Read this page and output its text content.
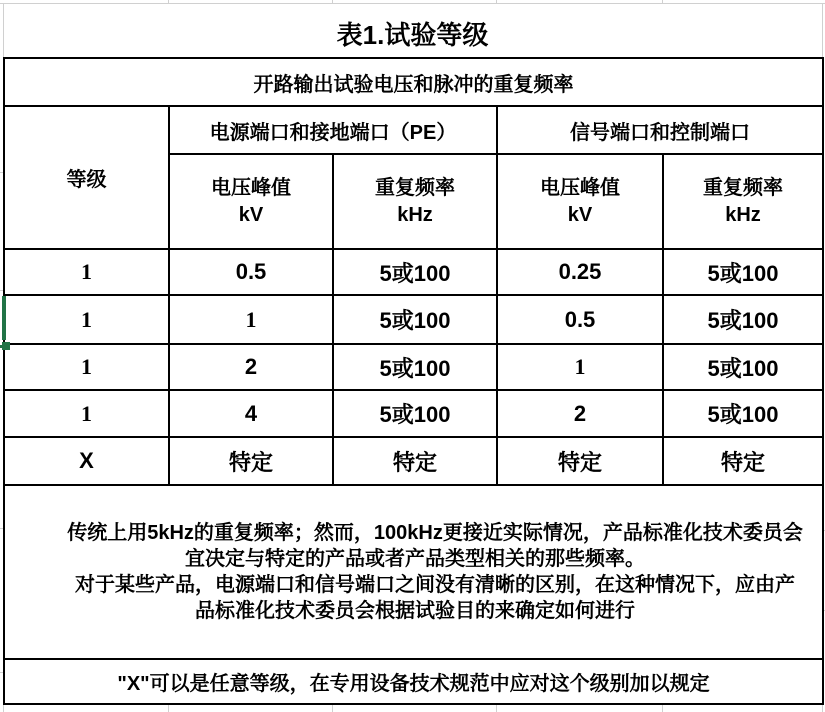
表1.试验等级
开路输出试验电压和脉冲的重复频率				
等级	电源端口和接地端口（PE）		信号端口和控制端口	

电压峰值
kV

重复频率
kHz

电压峰值
kV

重复频率
kHz

1	0.5	5或100	0.25	5或100
1	1	5或100	0.5	5或100
1	2	5或100	1	5或100
1	4	5或100	2	5或100
X	特定	特定	特定	特定

传统上用5kHz的重复频率；然而，100kHz更接近实际情况，产品标准化技术委员会
宜决定与特定的产品或者产品类型相关的那些频率。
对于某些产品，电源端口和信号端口之间没有清晰的区别，在这种情况下，应由产
品标准化技术委员会根据试验目的来确定如何进行				

"X"可以是任意等级，在专用设备技术规范中应对这个级别加以规定				
